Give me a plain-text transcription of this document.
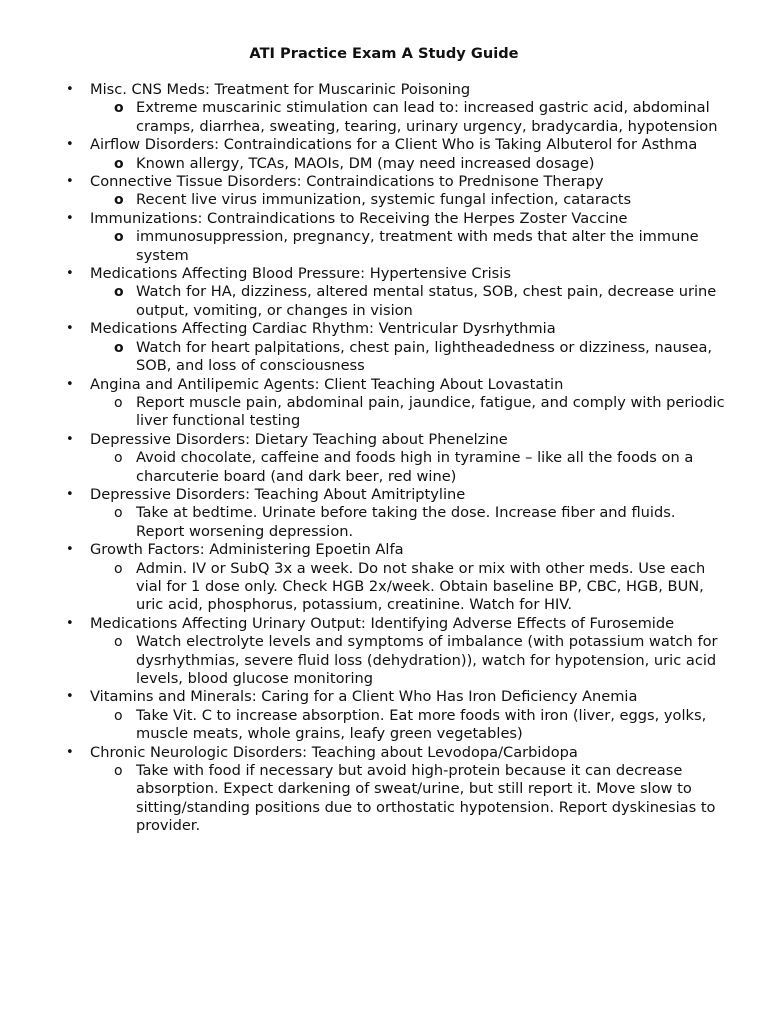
ATI Practice Exam A Study Guide
• Misc. CNS Meds: Treatment for Muscarinic Poisoning
o Extreme muscarinic stimulation can lead to: increased gastric acid, abdominal cramps, diarrhea, sweating, tearing, urinary urgency, bradycardia, hypotension
• Airflow Disorders: Contraindications for a Client Who is Taking Albuterol for Asthma
o Known allergy, TCAs, MAOIs, DM (may need increased dosage)
• Connective Tissue Disorders: Contraindications to Prednisone Therapy
o Recent live virus immunization, systemic fungal infection, cataracts
• Immunizations: Contraindications to Receiving the Herpes Zoster Vaccine
o immunosuppression, pregnancy, treatment with meds that alter the immune system
• Medications Affecting Blood Pressure: Hypertensive Crisis
o Watch for HA, dizziness, altered mental status, SOB, chest pain, decrease urine output, vomiting, or changes in vision
• Medications Affecting Cardiac Rhythm: Ventricular Dysrhythmia
o Watch for heart palpitations, chest pain, lightheadedness or dizziness, nausea, SOB, and loss of consciousness
• Angina and Antilipemic Agents: Client Teaching About Lovastatin
o Report muscle pain, abdominal pain, jaundice, fatigue, and comply with periodic liver functional testing
• Depressive Disorders: Dietary Teaching about Phenelzine
o Avoid chocolate, caffeine and foods high in tyramine – like all the foods on a charcuterie board (and dark beer, red wine)
• Depressive Disorders: Teaching About Amitriptyline
o Take at bedtime. Urinate before taking the dose. Increase fiber and fluids. Report worsening depression.
• Growth Factors: Administering Epoetin Alfa
o Admin. IV or SubQ 3x a week. Do not shake or mix with other meds. Use each vial for 1 dose only. Check HGB 2x/week. Obtain baseline BP, CBC, HGB, BUN, uric acid, phosphorus, potassium, creatinine. Watch for HIV.
• Medications Affecting Urinary Output: Identifying Adverse Effects of Furosemide
o Watch electrolyte levels and symptoms of imbalance (with potassium watch for dysrhythmias, severe fluid loss (dehydration)), watch for hypotension, uric acid levels, blood glucose monitoring
• Vitamins and Minerals: Caring for a Client Who Has Iron Deficiency Anemia
o Take Vit. C to increase absorption. Eat more foods with iron (liver, eggs, yolks, muscle meats, whole grains, leafy green vegetables)
• Chronic Neurologic Disorders: Teaching about Levodopa/Carbidopa
o Take with food if necessary but avoid high-protein because it can decrease absorption. Expect darkening of sweat/urine, but still report it. Move slow to sitting/standing positions due to orthostatic hypotension. Report dyskinesias to provider.
